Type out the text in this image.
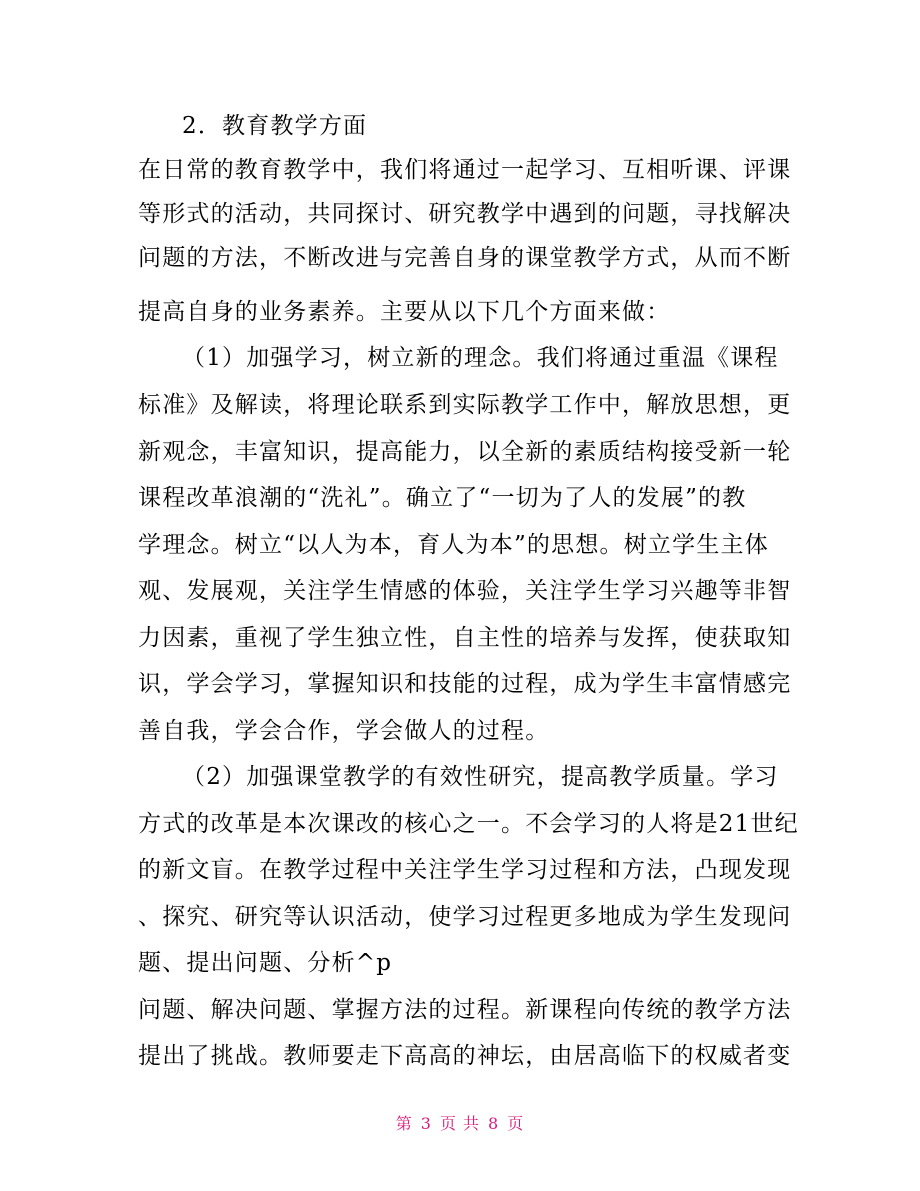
2．教育教学方面
在日常的教育教学中，我们将通过一起学习、互相听课、评课
等形式的活动，共同探讨、研究教学中遇到的问题，寻找解决
问题的方法，不断改进与完善自身的课堂教学方式，从而不断
提高自身的业务素养。主要从以下几个方面来做：
（1）加强学习，树立新的理念。我们将通过重温《课程
标准》及解读，将理论联系到实际教学工作中，解放思想，更
新观念，丰富知识，提高能力，以全新的素质结构接受新一轮
课程改革浪潮的“洗礼”。确立了“一切为了人的发展”的教
学理念。树立“以人为本，育人为本”的思想。树立学生主体
观、发展观，关注学生情感的体验，关注学生学习兴趣等非智
力因素，重视了学生独立性，自主性的培养与发挥，使获取知
识，学会学习，掌握知识和技能的过程，成为学生丰富情感完
善自我，学会合作，学会做人的过程。
（2）加强课堂教学的有效性研究，提高教学质量。学习
方式的改革是本次课改的核心之一。不会学习的人将是21世纪
的新文盲。在教学过程中关注学生学习过程和方法，凸现发现
、探究、研究等认识活动，使学习过程更多地成为学生发现问
题、提出问题、分析^p
问题、解决问题、掌握方法的过程。新课程向传统的教学方法
提出了挑战。教师要走下高高的神坛，由居高临下的权威者变
第 3 页 共 8 页
